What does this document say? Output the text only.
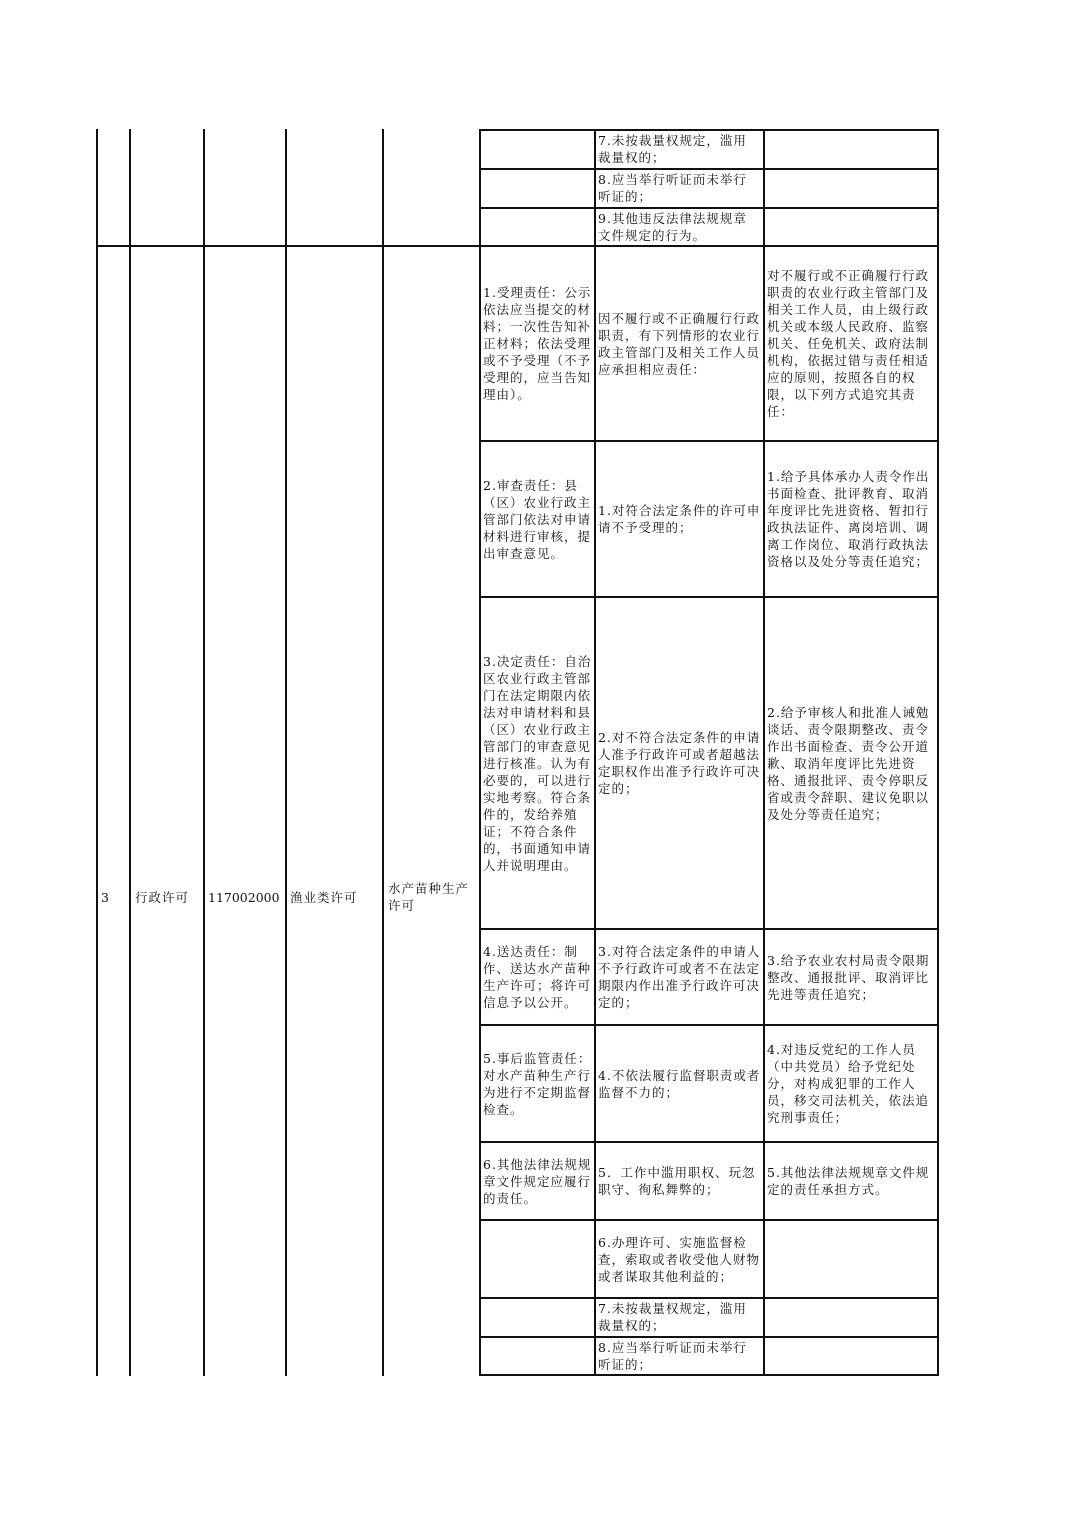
7.未按裁量权规定，滥用裁量权的；
8.应当举行听证而未举行听证的；
9.其他违反法律法规规章文件规定的行为。
3	行政许可	117002000 渔业类许可
水产苗种生产许可
1.受理责任：公示依法应当提交的材料；一次性告知补正材料；依法受理或不予受理（不予受理的，应当告知理由）。
因不履行或不正确履行行政职责，有下列情形的农业行政主管部门及相关工作人员应承担相应责任：
对不履行或不正确履行行政职责的农业行政主管部门及相关工作人员，由上级行政机关或本级人民政府、监察机关、任免机关、政府法制机构，依据过错与责任相适应的原则，按照各自的权限，以下列方式追究其责任：
2.审查责任：县（区）农业行政主管部门依法对申请材料进行审核，提出审查意见。
1.对符合法定条件的许可申请不予受理的；
1.给予具体承办人责令作出书面检查、批评教育、取消年度评比先进资格、暂扣行政执法证件、离岗培训、调离工作岗位、取消行政执法资格以及处分等责任追究；
3.决定责任：自治区农业行政主管部门在法定期限内依法对申请材料和县（区）农业行政主管部门的审查意见进行核准。认为有必要的，可以进行实地考察。符合条件的，发给养殖证；不符合条件的，书面通知申请人并说明理由。
2.对不符合法定条件的申请人准予行政许可或者超越法定职权作出准予行政许可决定的；
2.给予审核人和批准人诫勉谈话、责令限期整改、责令作出书面检查、责令公开道歉、取消年度评比先进资格、通报批评、责令停职反省或责令辞职、建议免职以及处分等责任追究；
4.送达责任：制作、送达水产苗种生产许可；将许可信息予以公开。
3.对符合法定条件的申请人不予行政许可或者不在法定期限内作出准予行政许可决定的；
3.给予农业农村局责令限期整改、通报批评、取消评比先进等责任追究；
5.事后监管责任：对水产苗种生产行为进行不定期监督检查。
4.不依法履行监督职责或者监督不力的；
4.对违反党纪的工作人员（中共党员）给予党纪处分，对构成犯罪的工作人员，移交司法机关，依法追究刑事责任；
6.其他法律法规规章文件规定应履行的责任。
5．工作中滥用职权、玩忽职守、徇私舞弊的；
5.其他法律法规规章文件规定的责任承担方式。
6.办理许可、实施监督检查，索取或者收受他人财物或者谋取其他利益的；
7.未按裁量权规定，滥用裁量权的；
8.应当举行听证而未举行听证的；
